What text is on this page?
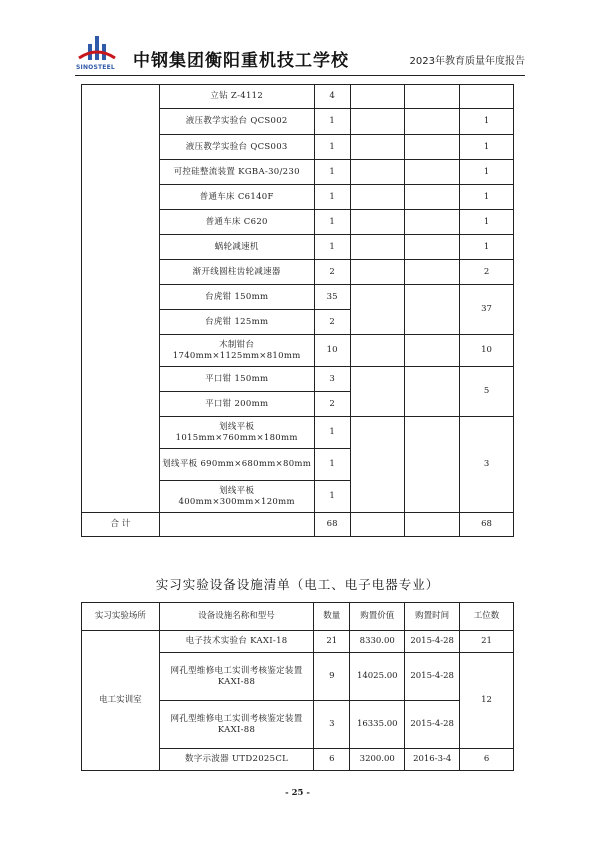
SINOSTEEL 中钢集团衡阳重机技工学校	2023年教育质量年度报告
	立钻 Z-4112	4			
	液压教学实验台 QCS002	1			1
	液压教学实验台 QCS003	1			1
	可控硅整流装置 KGBA-30/230	1			1
	普通车床 C6140F	1			1
	普通车床 C620	1			1
	蜗轮减速机	1			1
	渐开线圆柱齿轮减速器	2			2
	台虎钳 150mm	35			37
	台虎钳 125mm	2			
	木制钳台 1740mm×1125mm×810mm	10			10
	平口钳 150mm	3			5
	平口钳 200mm	2			
	划线平板 1015mm×760mm×180mm	1			3
	划线平板 690mm×680mm×80mm	1			
	划线平板 400mm×300mm×120mm	1			
合 计		68			68
实习实验设备设施清单（电工、电子电器专业）
实习实验场所	设备设施名称和型号	数量	购置价值	购置时间	工位数
电工实训室	电子技术实验台 KAXI-18	21	8330.00	2015-4-28	21
	网孔型维修电工实训考核鉴定装置 KAXI-88	9	14025.00	2015-4-28	12
	网孔型维修电工实训考核鉴定装置 KAXI-88	3	16335.00	2015-4-28	
	数字示波器 UTD2025CL	6	3200.00	2016-3-4	6
- 25 -
